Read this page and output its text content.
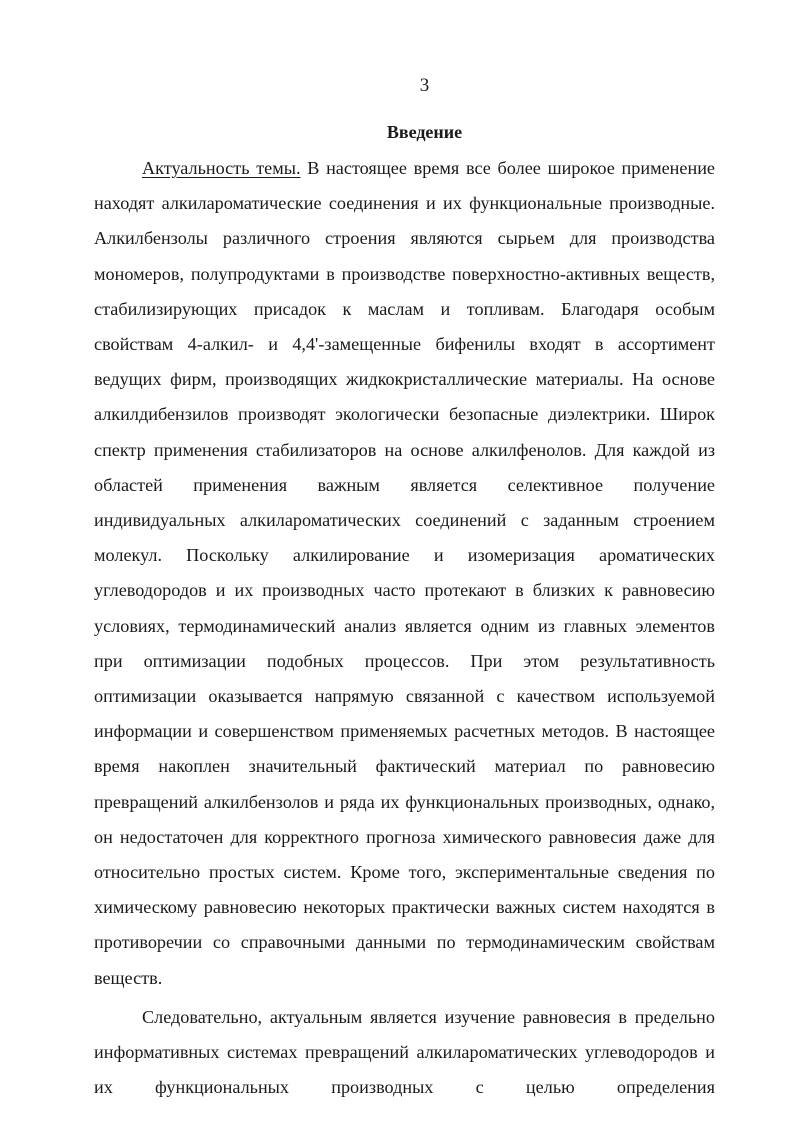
3
Введение

Актуальность темы. В настоящее время все более широкое применение находят алкилароматические соединения и их функциональные производные. Алкилбензолы различного строения являются сырьем для производства мономеров, полупродуктами в производстве поверхностно-активных веществ, стабилизирующих присадок к маслам и топливам. Благодаря особым свойствам 4-алкил- и 4,4'-замещенные бифенилы входят в ассортимент ведущих фирм, производящих жидкокристаллические материалы. На основе алкилдибензилов производят экологически безопасные диэлектрики. Широк спектр применения стабилизаторов на основе алкилфенолов. Для каждой из областей применения важным является селективное получение индивидуальных алкилароматических соединений с заданным строением молекул. Поскольку алкилирование и изомеризация ароматических углеводородов и их производных часто протекают в близких к равновесию условиях, термодинамический анализ является одним из главных элементов при оптимизации подобных процессов. При этом результативность оптимизации оказывается напрямую связанной с качеством используемой информации и совершенством применяемых расчетных методов. В настоящее время накоплен значительный фактический материал по равновесию превращений алкилбензолов и ряда их функциональных производных, однако, он недостаточен для корректного прогноза химического равновесия даже для относительно простых систем. Кроме того, экспериментальные сведения по химическому равновесию некоторых практически важных систем находятся в противоречии со справочными данными по термодинамическим свойствам веществ.

Следовательно, актуальным является изучение равновесия в предельно информативных системах превращений алкилароматических углеводородов и их функциональных производных с целью определения
